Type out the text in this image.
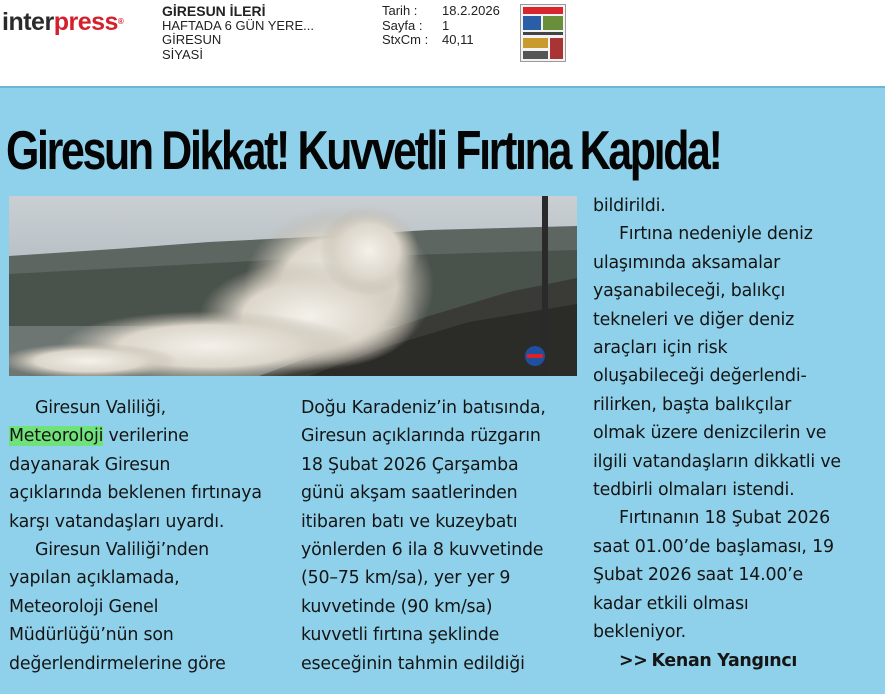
interpress®
GİRESUN İLERİ
HAFTADA 6 GÜN YERE...
GİRESUN
SİYASİ
Tarih : 18.2.2026
Sayfa : 1
StxCm : 40,11
Giresun Dikkat! Kuvvetli Fırtına Kapıda!

Giresun Valiliği,

Meteoroloji verilerine

dayanarak Giresun

açıklarında beklenen fırtınaya

karşı vatandaşları uyardı.

Giresun Valiliği’nden

yapılan açıklamada,

Meteoroloji Genel

Müdürlüğü’nün son

değerlendirmelerine göre

Doğu Karadeniz’in batısında,

Giresun açıklarında rüzgarın

18 Şubat 2026 Çarşamba

günü akşam saatlerinden

itibaren batı ve kuzeybatı

yönlerden 6 ila 8 kuvvetinde

(50–75 km/sa), yer yer 9

kuvvetinde (90 km/sa)

kuvvetli fırtına şeklinde

eseceğinin tahmin edildiği

bildirildi.

Fırtına nedeniyle deniz

ulaşımında aksamalar

yaşanabileceği, balıkçı

tekneleri ve diğer deniz

araçları için risk

oluşabileceği değerlendi-

rilirken, başta balıkçılar

olmak üzere denizcilerin ve

ilgili vatandaşların dikkatli ve

tedbirli olmaları istendi.

Fırtınanın 18 Şubat 2026

saat 01.00’de başlaması, 19

Şubat 2026 saat 14.00’e

kadar etkili olması

bekleniyor.

>> Kenan Yangıncı
